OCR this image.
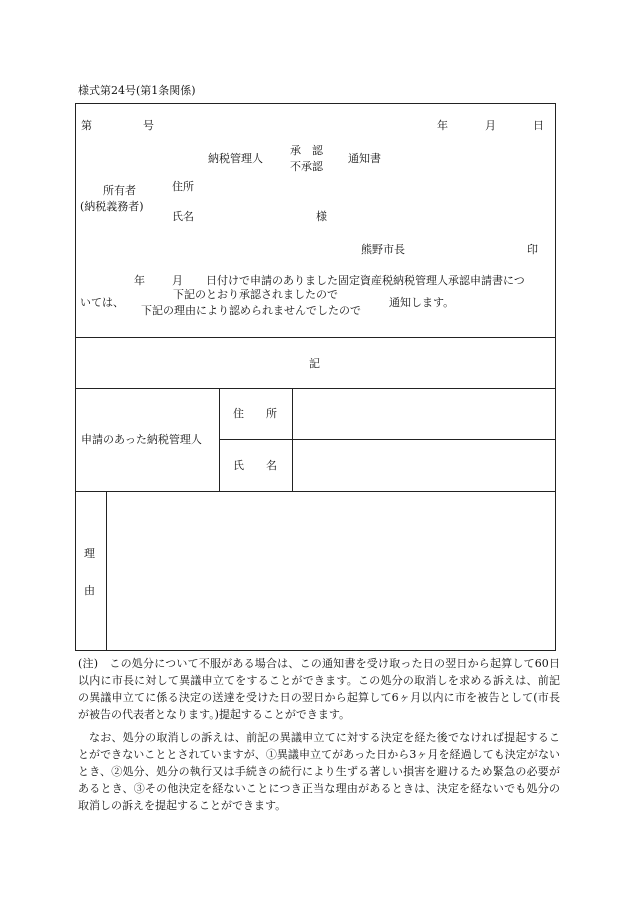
様式第24号(第1条関係)
第	号	年	月	日
納税管理人
承　認
不承認
通知書
所有者
(納税義務者)
住所
氏名	様
熊野市長	印
年 月 日付けで申請のありました固定資産税納税管理人承認申請書につ
いては、
下記のとおり承認されましたので
下記の理由により認められませんでしたので
通知します。
記
申請のあった納税管理人
住　　所
氏　　名
理
由
(注)　この処分について不服がある場合は、この通知書を受け取った日の翌日から起算して60日以内に市長に対して異議申立てをすることができます。この処分の取消しを求める訴えは、前記の異議申立てに係る決定の送達を受けた日の翌日から起算して6ヶ月以内に市を被告として(市長が被告の代表者となります。)提起することができます。
なお、処分の取消しの訴えは、前記の異議申立てに対する決定を経た後でなければ提起することができないこととされていますが、①異議申立てがあった日から3ヶ月を経過しても決定がないとき、②処分、処分の執行又は手続きの続行により生ずる著しい損害を避けるため緊急の必要があるとき、③その他決定を経ないことにつき正当な理由があるときは、決定を経ないでも処分の取消しの訴えを提起することができます。
